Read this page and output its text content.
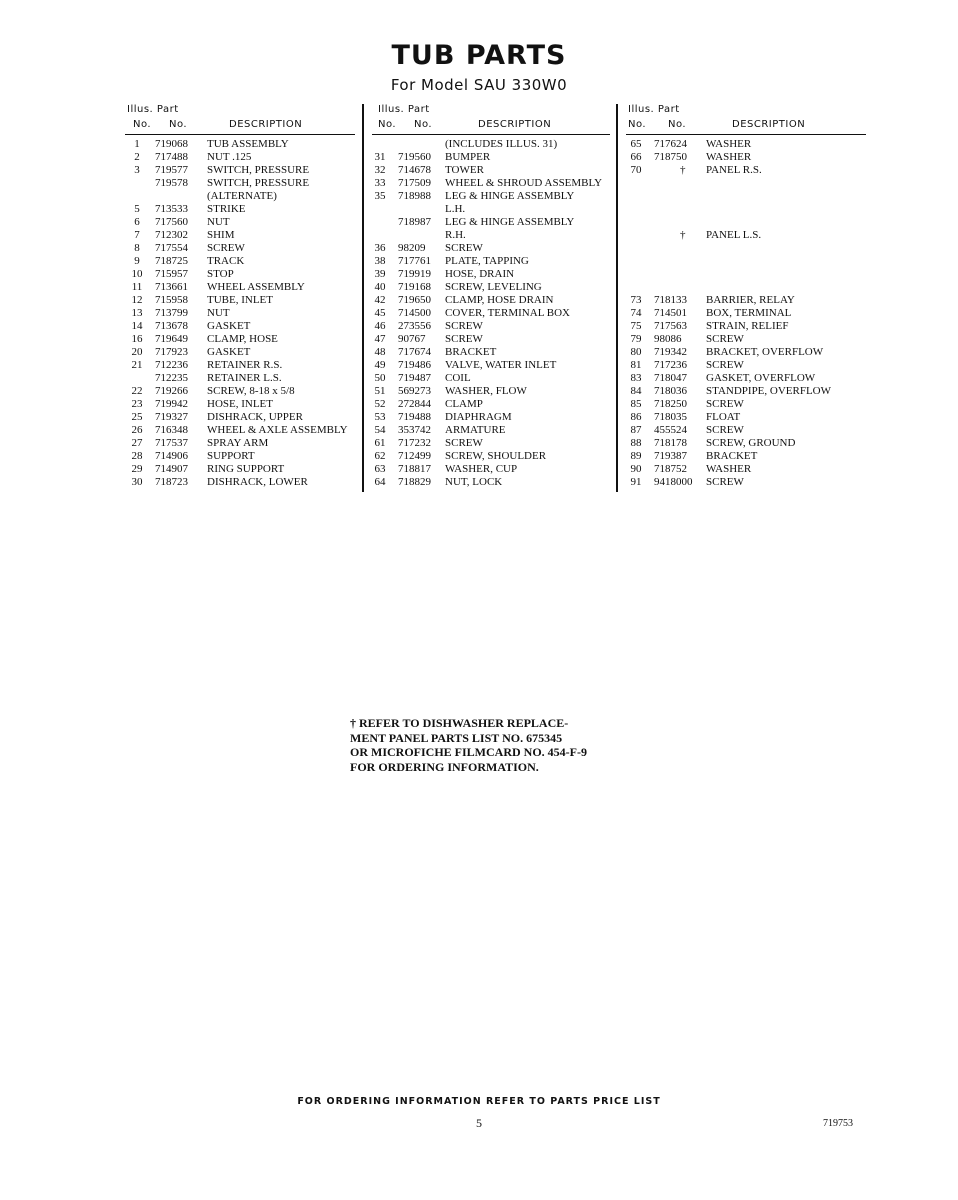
TUB PARTS
For Model SAU 330W0
Illus. Part
No. No.	DESCRIPTION
1	719068 TUB ASSEMBLY
2	717488 NUT .125
3	719577 SWITCH, PRESSURE
719578 SWITCH, PRESSURE
(ALTERNATE)
5	713533 STRIKE
6	717560 NUT
7	712302 SHIM
8	717554 SCREW
9	718725 TRACK
10	715957 STOP
11	713661 WHEEL ASSEMBLY
12	715958 TUBE, INLET
13	713799 NUT
14	713678 GASKET
16	719649 CLAMP, HOSE
20	717923 GASKET
21	712236 RETAINER R.S.
712235 RETAINER L.S.
22	719266 SCREW, 8-18 x 5/8
23	719942 HOSE, INLET
25	719327 DISHRACK, UPPER
26	716348 WHEEL & AXLE ASSEMBLY
27	717537 SPRAY ARM
28	714906 SUPPORT
29	714907 RING SUPPORT
30	718723 DISHRACK, LOWER
Illus. Part
No. No.	DESCRIPTION
(INCLUDES ILLUS. 31)
31	719560 BUMPER
32	714678 TOWER
33	717509 WHEEL & SHROUD ASSEMBLY
35	718988 LEG & HINGE ASSEMBLY
L.H.
718987 LEG & HINGE ASSEMBLY
R.H.
36	98209 SCREW
38	717761 PLATE, TAPPING
39	719919 HOSE, DRAIN
40	719168 SCREW, LEVELING
42	719650 CLAMP, HOSE DRAIN
45	714500 COVER, TERMINAL BOX
46	273556 SCREW
47	90767 SCREW
48	717674 BRACKET
49	719486 VALVE, WATER INLET
50	719487 COIL
51	569273 WASHER, FLOW
52	272844 CLAMP
53	719488 DIAPHRAGM
54	353742 ARMATURE
61	717232 SCREW
62	712499 SCREW, SHOULDER
63	718817 WASHER, CUP
64	718829 NUT, LOCK
Illus. Part
No. No.	DESCRIPTION
65	717624 WASHER
66	718750 WASHER
70	† PANEL R.S.
† PANEL L.S.
73	718133 BARRIER, RELAY
74	714501 BOX, TERMINAL
75	717563 STRAIN, RELIEF
79	98086 SCREW
80	719342 BRACKET, OVERFLOW
81	717236 SCREW
83	718047 GASKET, OVERFLOW
84	718036 STANDPIPE, OVERFLOW
85	718250 SCREW
86	718035 FLOAT
87	455524 SCREW
88	718178 SCREW, GROUND
89	719387 BRACKET
90	718752 WASHER
91	9418000 SCREW
† REFER TO DISHWASHER REPLACE-
MENT PANEL PARTS LIST NO. 675345
OR MICROFICHE FILMCARD NO. 454-F-9
FOR ORDERING INFORMATION.
FOR ORDERING INFORMATION REFER TO PARTS PRICE LIST
5	719753
